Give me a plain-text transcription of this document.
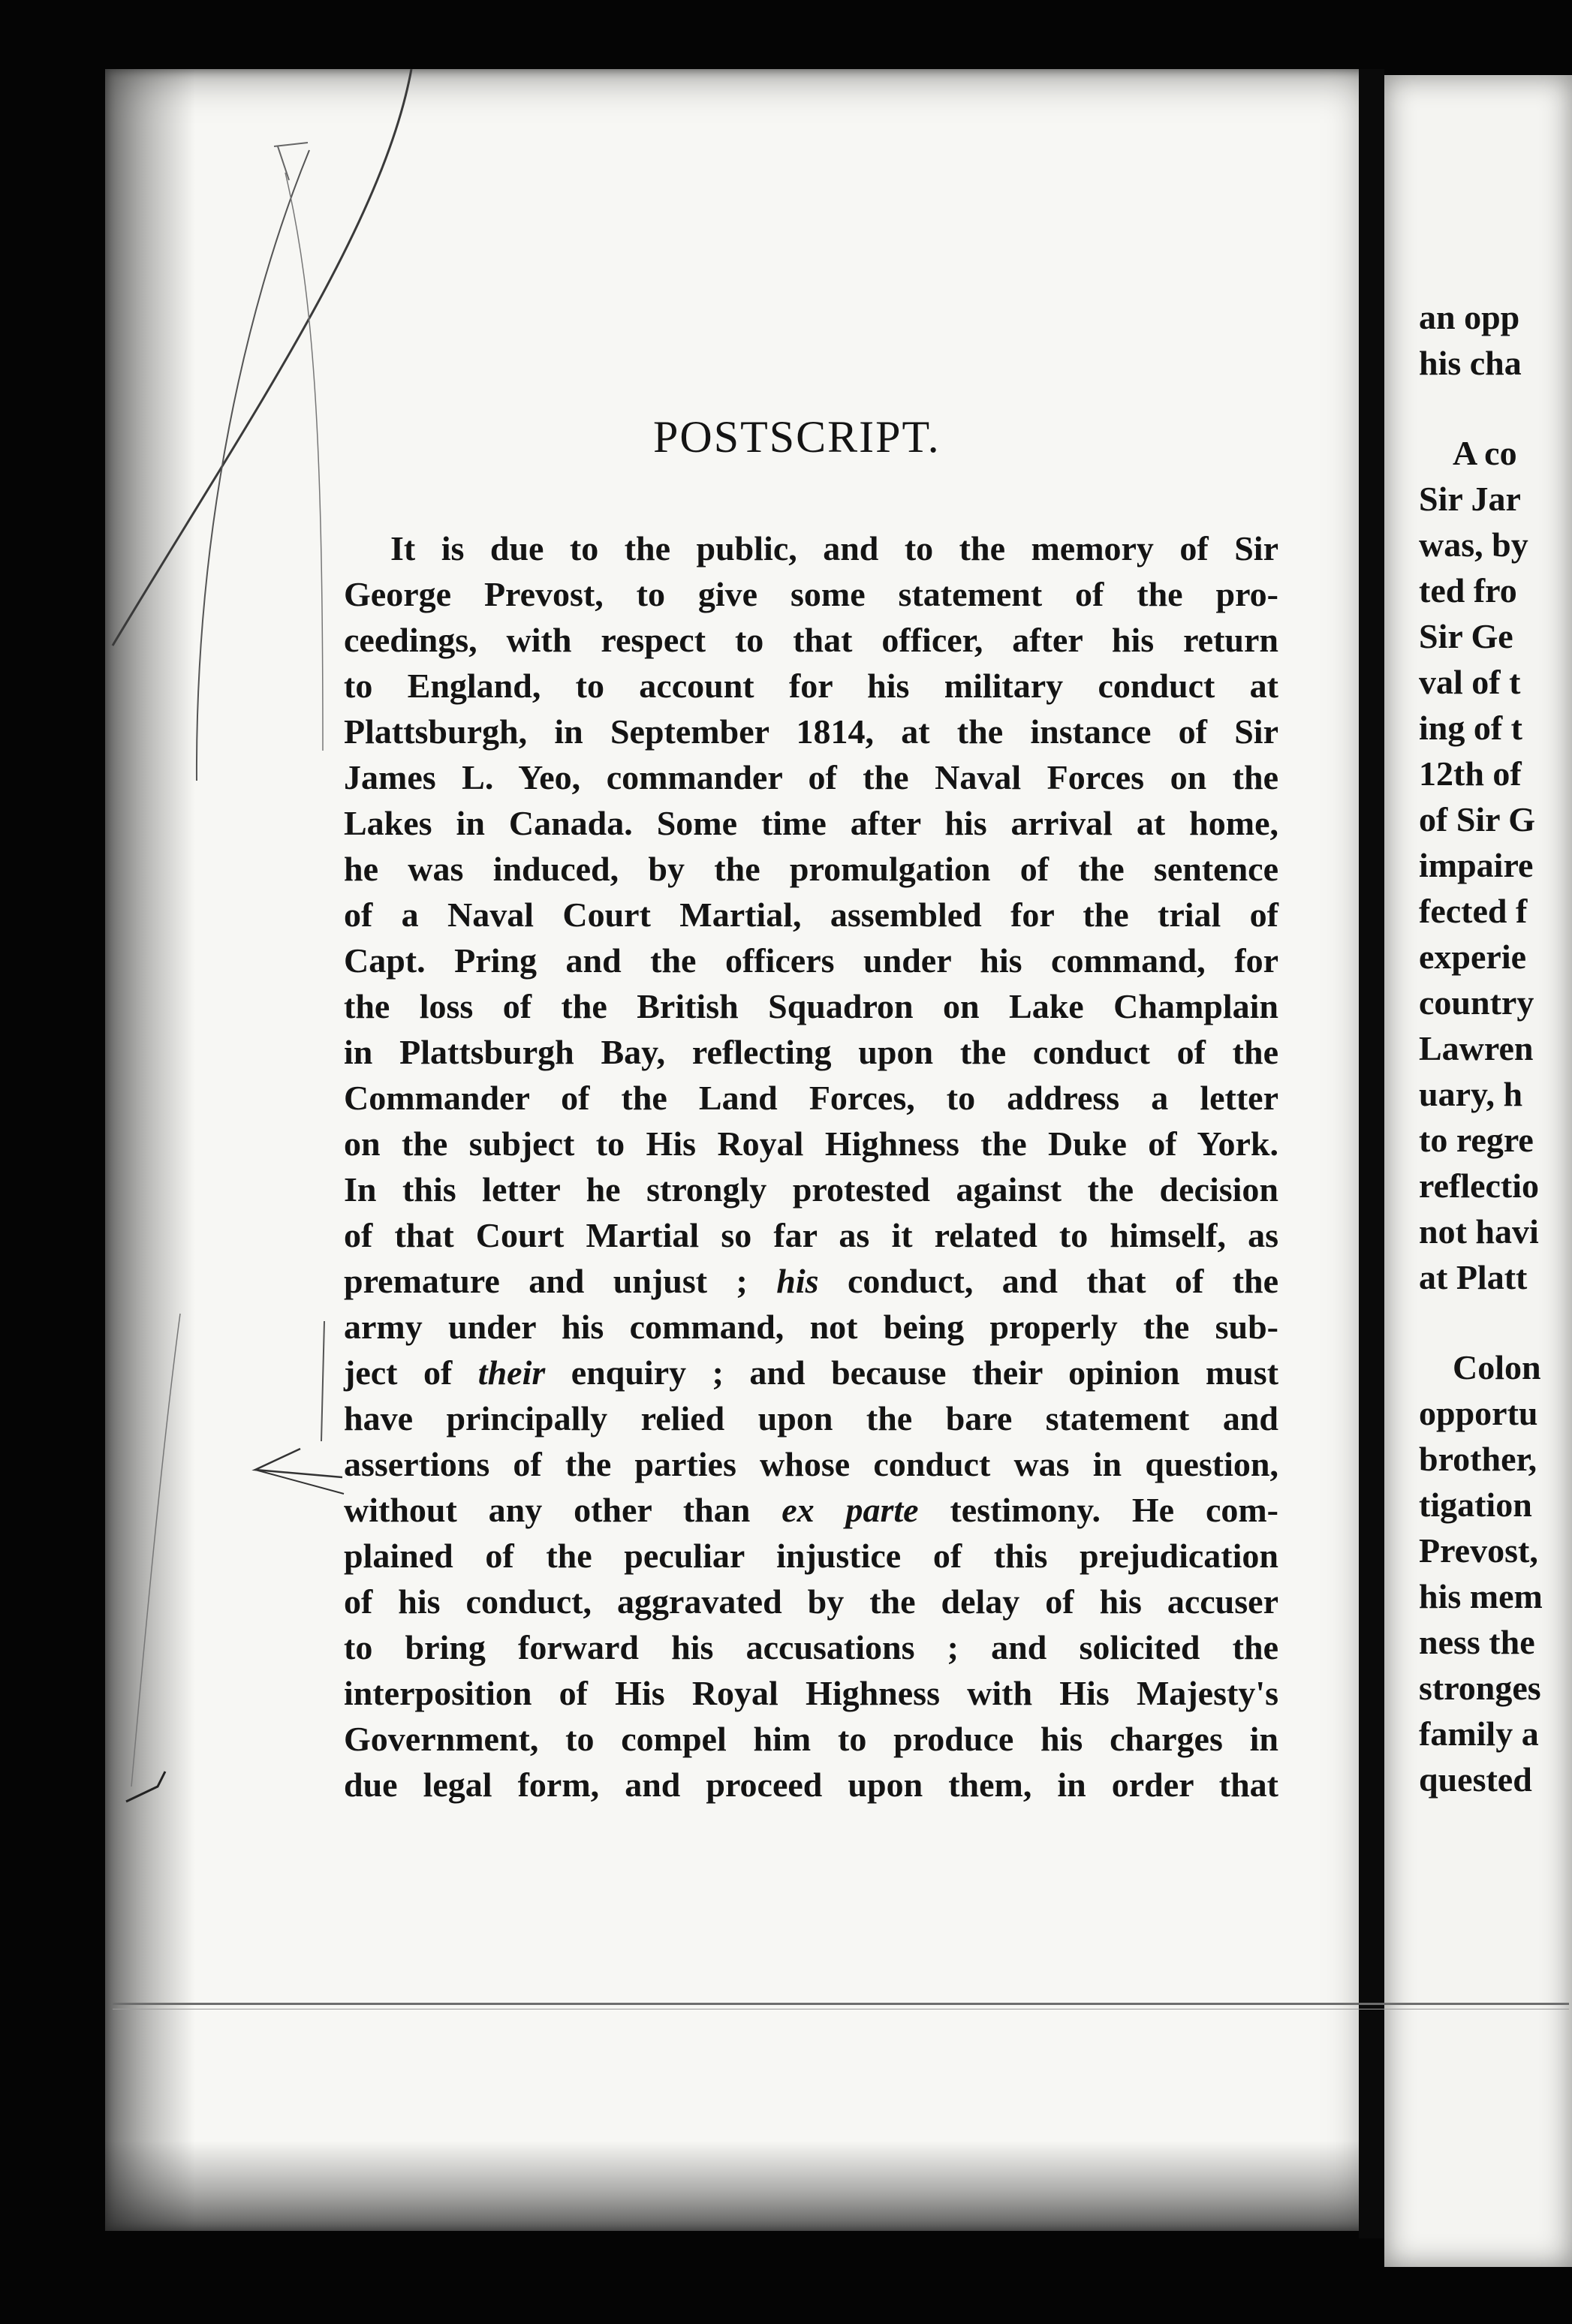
POSTSCRIPT.
It is due to the public, and to the memory of Sir
George Prevost, to give some statement of the pro-
ceedings, with respect to that officer, after his return
to England, to account for his military conduct at
Plattsburgh, in September 1814, at the instance of Sir
James L. Yeo, commander of the Naval Forces on the
Lakes in Canada. Some time after his arrival at home,
he was induced, by the promulgation of the sentence
of a Naval Court Martial, assembled for the trial of
Capt. Pring and the officers under his command, for
the loss of the British Squadron on Lake Champlain
in Plattsburgh Bay, reflecting upon the conduct of the
Commander of the Land Forces, to address a letter
on the subject to His Royal Highness the Duke of York.
In this letter he strongly protested against the decision
of that Court Martial so far as it related to himself, as
premature and unjust ; his conduct, and that of the
army under his command, not being properly the sub-
ject of their enquiry ; and because their opinion must
have principally relied upon the bare statement and
assertions of the parties whose conduct was in question,
without any other than ex parte testimony. He com-
plained of the peculiar injustice of this prejudication
of his conduct, aggravated by the delay of his accuser
to bring forward his accusations ; and solicited the
interposition of His Royal Highness with His Majesty's
Government, to compel him to produce his charges in
due legal form, and proceed upon them, in order that
an opp
his cha
A co
Sir Jar
was, by
ted fro
Sir Ge
val of t
ing of t
12th of
of Sir G
impaire
fected f
experie
country
Lawren
uary, h
to regre
reflectio
not havi
at Platt
Colon
opportu
brother,
tigation
Prevost,
his mem
ness the
stronges
family a
quested
